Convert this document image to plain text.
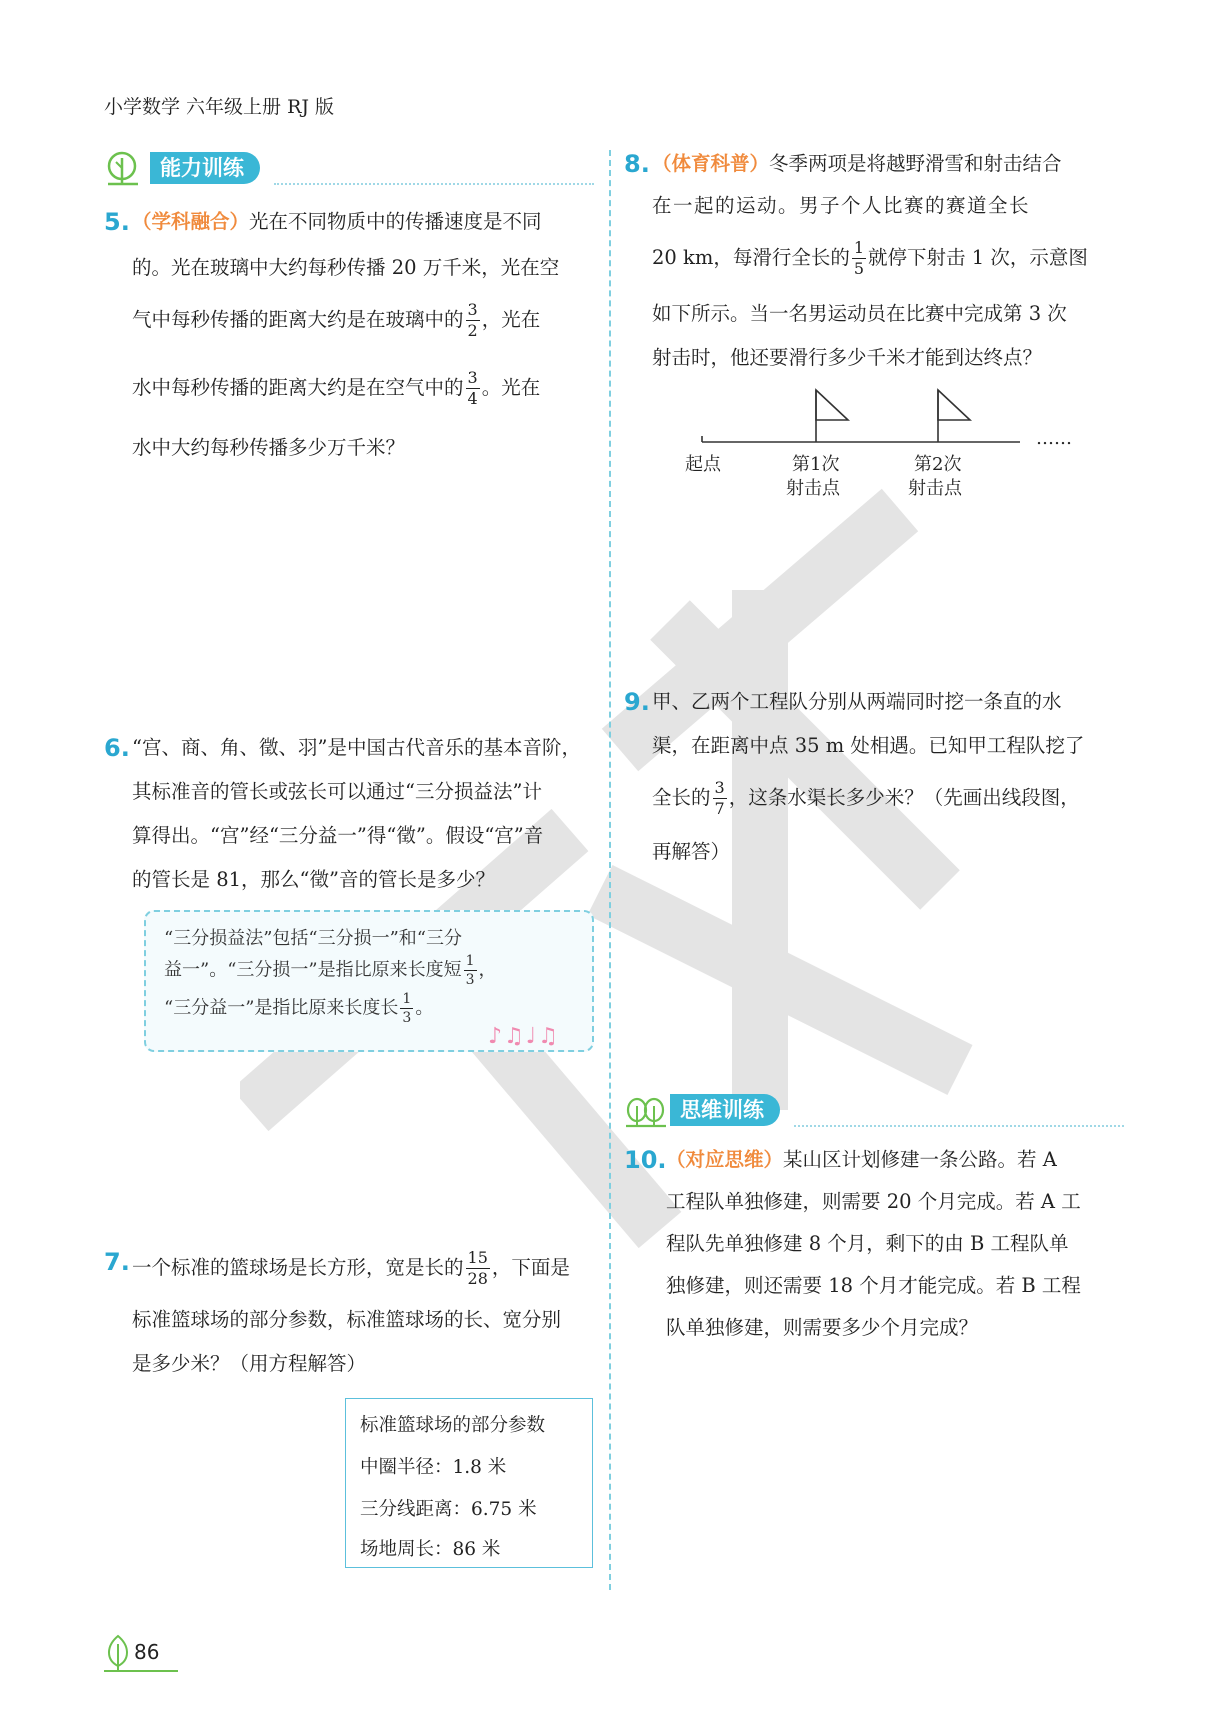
小学数学 六年级上册 RJ 版
能力训练
5. （学科融合）光在不同物质中的传播速度是不同
的。光在玻璃中大约每秒传播 20 万千米，光在空
气中每秒传播的距离大约是在玻璃中的 $\frac{3}{2}$ ，光在
水中每秒传播的距离大约是在空气中的 $\frac{3}{4}$ 。光在
水中大约每秒传播多少万千米？
6. “宫、商、角、徵、羽”是中国古代音乐的基本音阶，
其标准音的管长或弦长可以通过“三分损益法”计
算得出。“宫”经“三分益一”得“徵”。假设“宫”音
的管长是 81，那么“徵”音的管长是多少？
“三分损益法”包括“三分损一”和“三分
益一”。“三分损一”是指比原来长度短 $\frac{1}{3}$ ，
“三分益一”是指比原来长度长 $\frac{1}{3}$ 。
♪♫♩♫
7. 一个标准的篮球场是长方形，宽是长的 $\frac{15}{28}$ ，下面是
标准篮球场的部分参数，标准篮球场的长、宽分别
是多少米？（用方程解答）
标准篮球场的部分参数
中圈半径：1.8 米
三分线距离：6.75 米
场地周长：86 米
8. （体育科普）冬季两项是将越野滑雪和射击结合
在一起的运动。男子个人比赛的赛道全长
20 km，每滑行全长的 $\frac{1}{5}$ 就停下射击 1 次，示意图
如下所示。当一名男运动员在比赛中完成第 3 次
射击时，他还要滑行多少千米才能到达终点？
起点	第1次
射击点
第2次
射击点
……
9. 甲、乙两个工程队分别从两端同时挖一条直的水
渠，在距离中点 35 m 处相遇。已知甲工程队挖了
全长的 $\frac{3}{7}$ ，这条水渠长多少米？（先画出线段图，
再解答）
思维训练
10. （对应思维）某山区计划修建一条公路。若 A
工程队单独修建，则需要 20 个月完成。若 A 工
程队先单独修建 8 个月，剩下的由 B 工程队单
独修建，则还需要 18 个月才能完成。若 B 工程
队单独修建，则需要多少个月完成？
86
